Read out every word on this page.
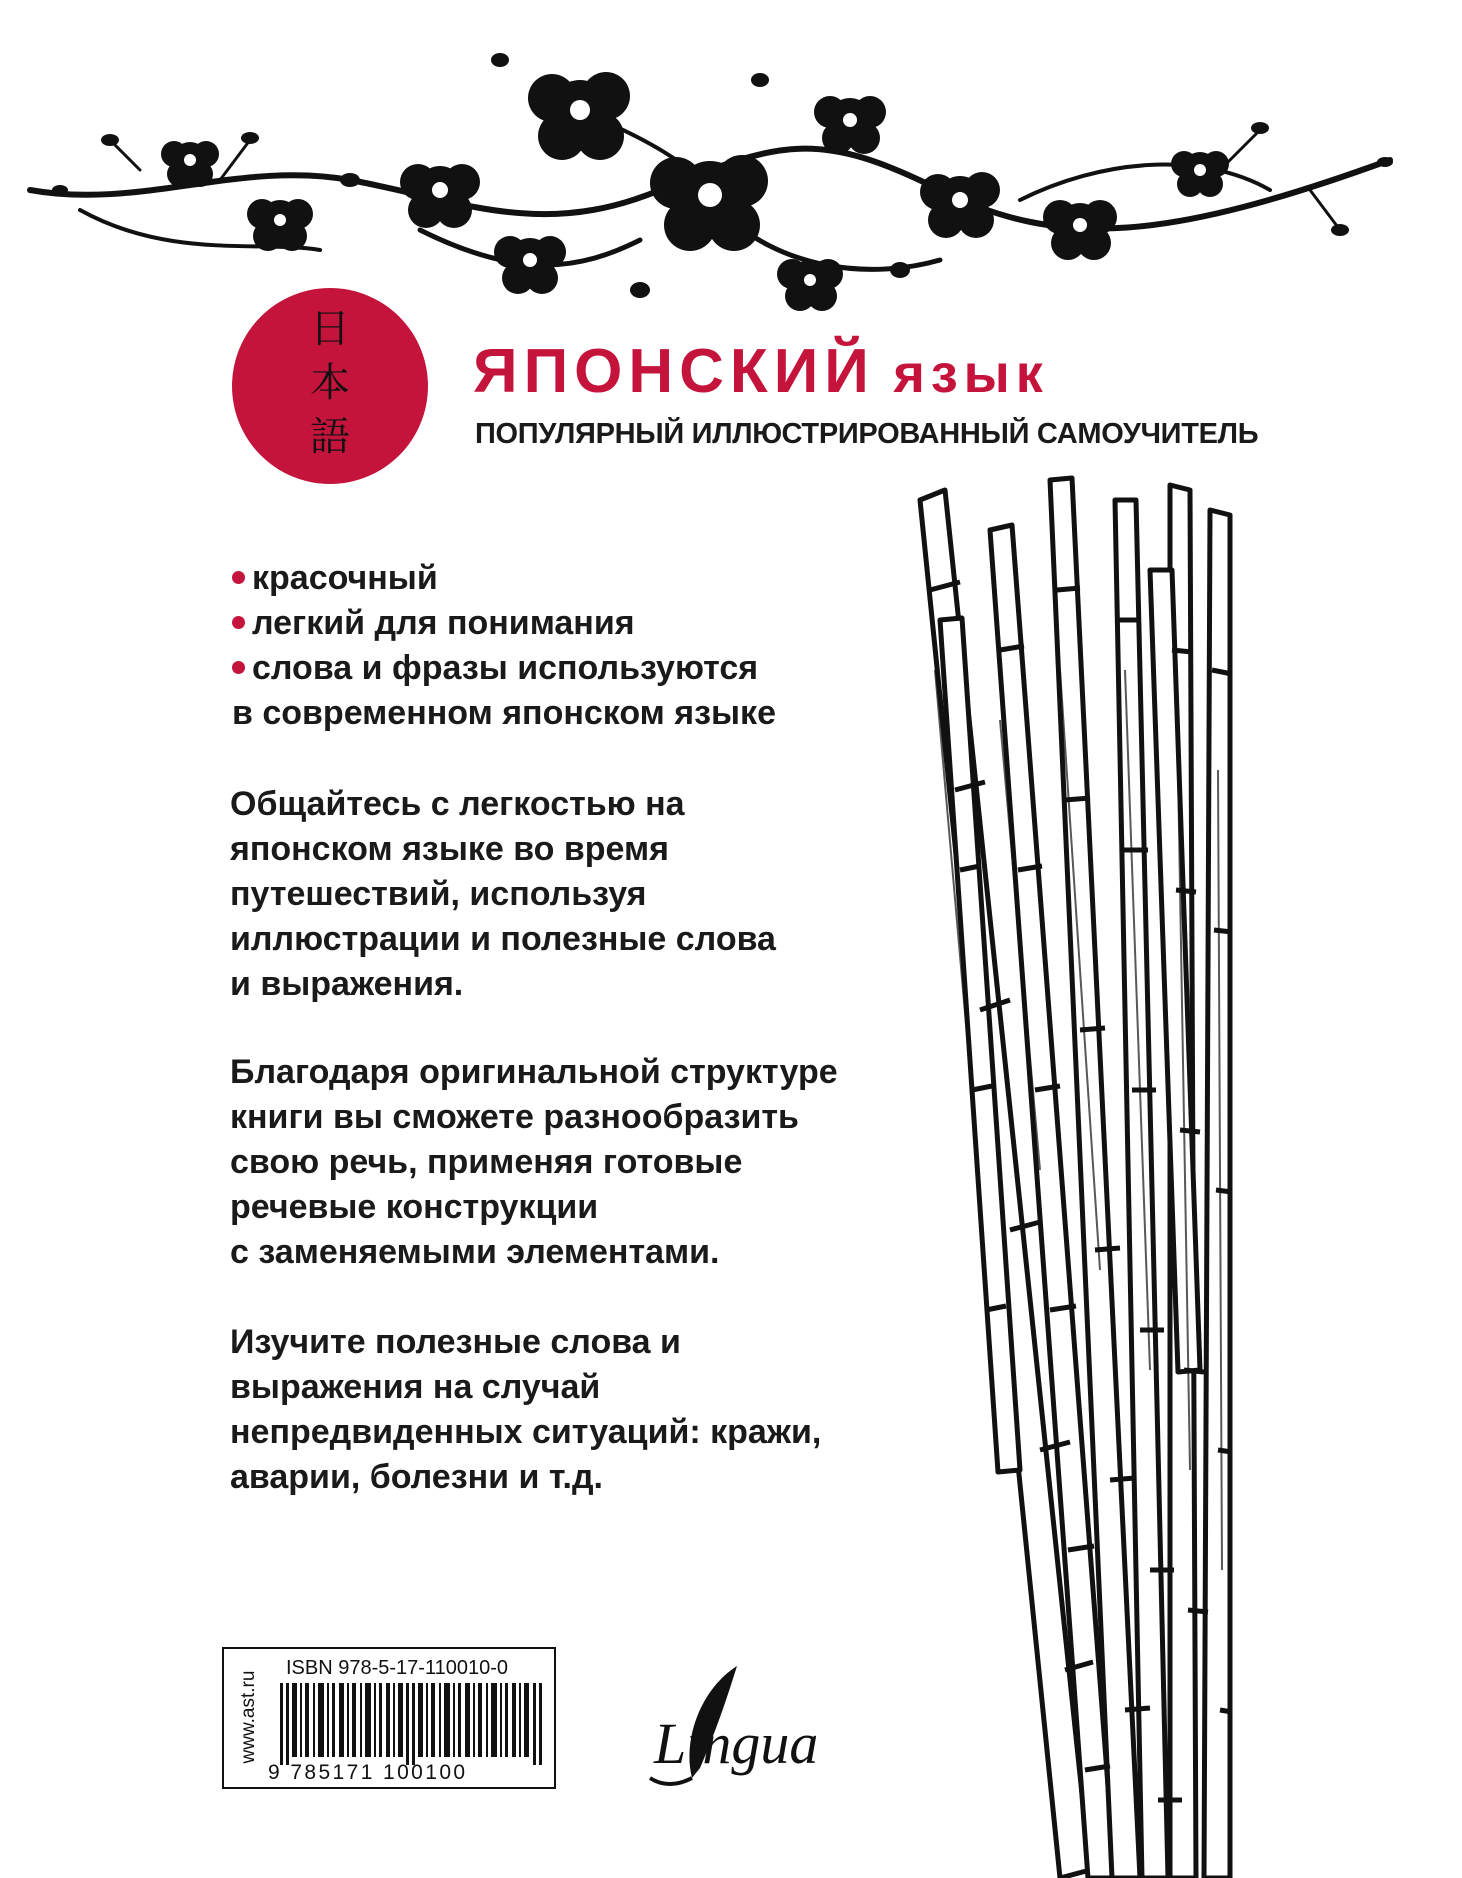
日
本
語
ЯПОНСКИЙ язык
ПОПУЛЯРНЫЙ ИЛЛЮСТРИРОВАННЫЙ САМОУЧИТЕЛЬ
красочный
легкий для понимания
слова и фразы используются
в современном японском языке
Общайтесь с легкостью на
японском языке во время
путешествий, используя
иллюстрации и полезные слова
и выражения.
Благодаря оригинальной структуре
книги вы сможете разнообразить
свою речь, применяя готовые
речевые конструкции
с заменяемыми элементами.
Изучите полезные слова и
выражения на случай
непредвиденных ситуаций: кражи,
аварии, болезни и т.д.
www.ast.ru
ISBN 978-5-17-110010-0
9 785171 100100	Lingua
